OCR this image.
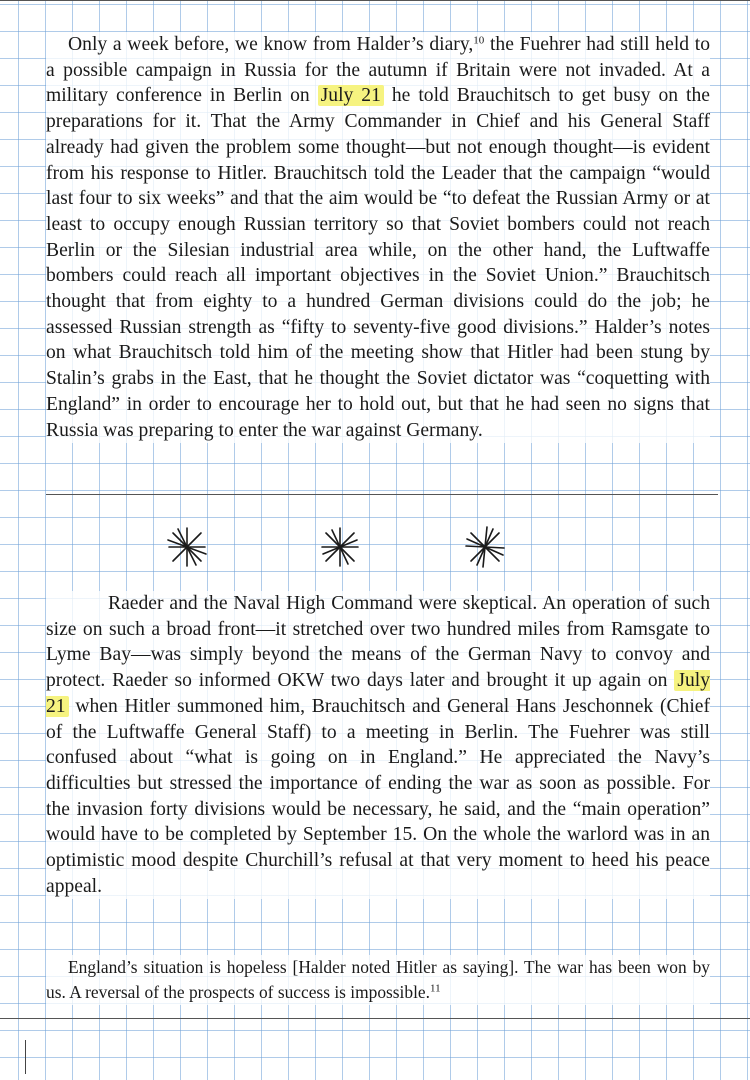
Only a week before, we know from Halder’s diary,$^{10}$ the Fuehrer had still held to a possible campaign in Russia for the autumn if Britain were not invaded. At a military conference in Berlin on July 21 he told Brauchitsch to get busy on the preparations for it. That the Army Commander in Chief and his General Staff already had given the problem some thought—but not enough thought—is evident from his response to Hitler. Brauchitsch told the Leader that the campaign “would last four to six weeks” and that the aim would be “to defeat the Russian Army or at least to occupy enough Russian territory so that Soviet bombers could not reach Berlin or the Silesian industrial area while, on the other hand, the Luftwaffe bombers could reach all important objectives in the Soviet Union.” Brauchitsch thought that from eighty to a hundred German divisions could do the job; he assessed Russian strength as “fifty to seventy-five good divisions.” Halder’s notes on what Brauchitsch told him of the meeting show that Hitler had been stung by Stalin’s grabs in the East, that he thought the Soviet dictator was “coquetting with England” in order to encourage her to hold out, but that he had seen no signs that Russia was preparing to enter the war against Germany.

Raeder and the Naval High Command were skeptical. An operation of such size on such a broad front—it stretched over two hundred miles from Ramsgate to Lyme Bay—was simply beyond the means of the German Navy to convoy and protect. Raeder so informed OKW two days later and brought it up again on July 21 when Hitler summoned him, Brauchitsch and General Hans Jeschonnek (Chief of the Luftwaffe General Staff) to a meeting in Berlin. The Fuehrer was still confused about “what is going on in England.” He appreciated the Navy’s difficulties but stressed the importance of ending the war as soon as possible. For the invasion forty divisions would be necessary, he said, and the “main operation” would have to be completed by September 15. On the whole the warlord was in an optimistic mood despite Churchill’s refusal at that very moment to heed his peace appeal.

England’s situation is hopeless [Halder noted Hitler as saying]. The war has been won by us. A reversal of the prospects of success is impossible.$^{11}$
